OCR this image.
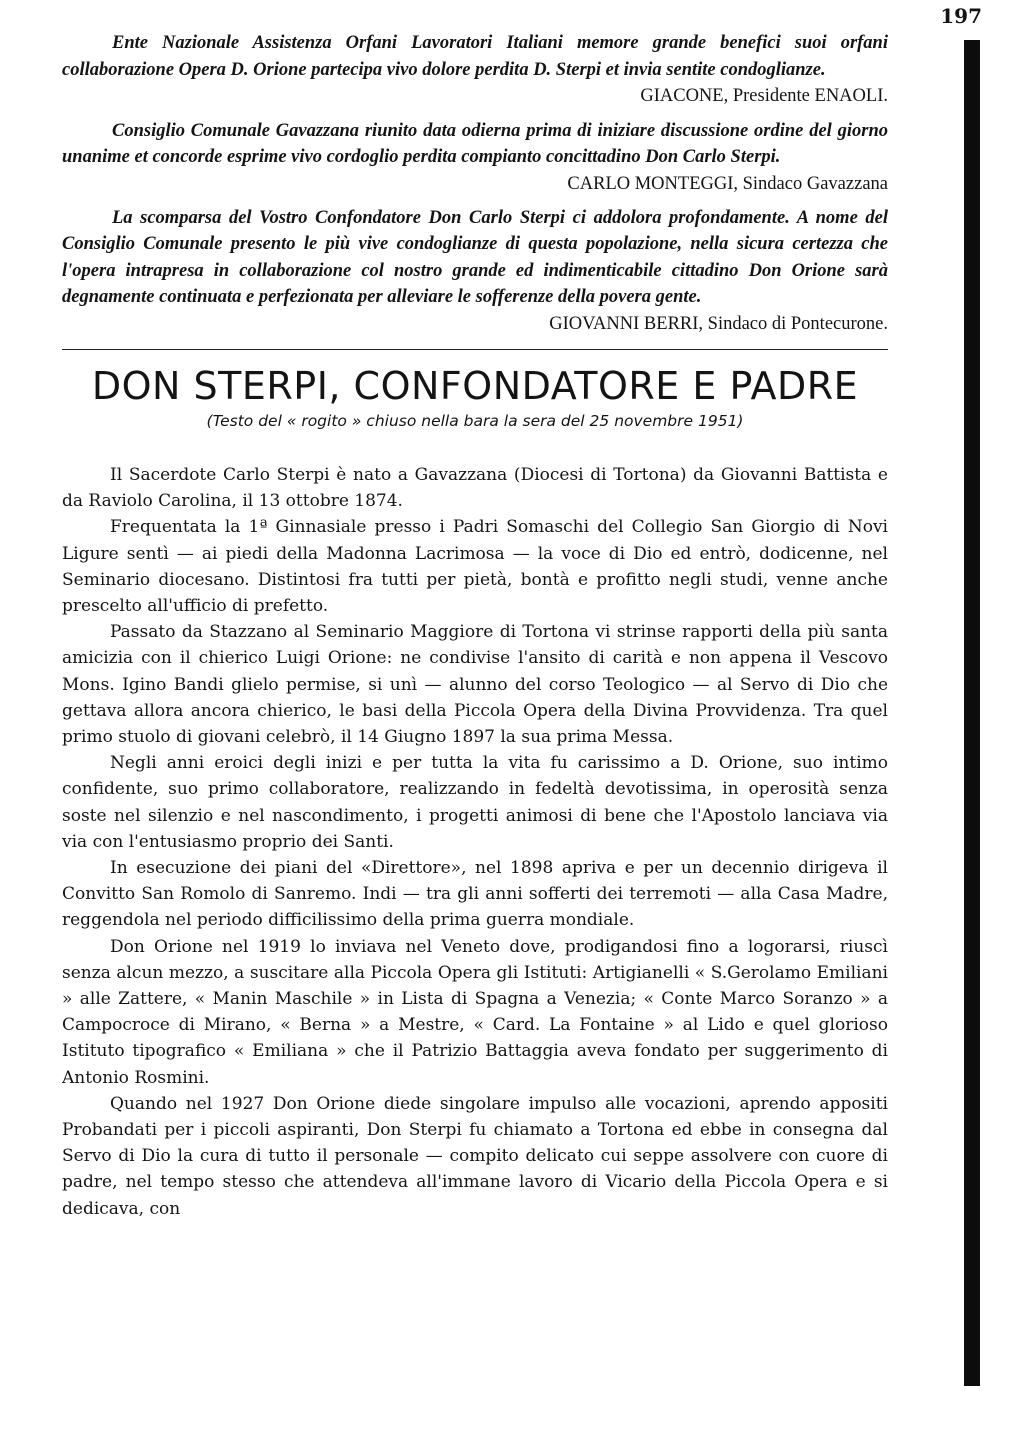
197

Ente Nazionale Assistenza Orfani Lavoratori Italiani memore grande benefici suoi orfani collaborazione Opera D. Orione partecipa vivo dolore perdita D. Sterpi et invia sentite condoglianze.
GIACONE, Presidente ENAOLI.

Consiglio Comunale Gavazzana riunito data odierna prima di iniziare discussione ordine del giorno unanime et concorde esprime vivo cordoglio perdita compianto concittadino Don Carlo Sterpi.

CARLO MONTEGGI, Sindaco Gavazzana

La scomparsa del Vostro Confondatore Don Carlo Sterpi ci addolora profondamente. A nome del Consiglio Comunale presento le più vive condoglianze di questa popolazione, nella sicura certezza che l'opera intrapresa in collaborazione col nostro grande ed indimenticabile cittadino Don Orione sarà degnamente continuata e perfezionata per alleviare le sofferenze della povera gente.
GIOVANNI BERRI, Sindaco di Pontecurone.

DON STERPI, CONFONDATORE E PADRE
(Testo del « rogito » chiuso nella bara la sera del 25 novembre 1951)

Il Sacerdote Carlo Sterpi è nato a Gavazzana (Diocesi di Tortona) da Giovanni Battista e da Raviolo Carolina, il 13 ottobre 1874.

Frequentata la 1ª Ginnasiale presso i Padri Somaschi del Collegio San Giorgio di Novi Ligure sentì — ai piedi della Madonna Lacrimosa — la voce di Dio ed entrò, dodicenne, nel Seminario diocesano. Distintosi fra tutti per pietà, bontà e profitto negli studi, venne anche prescelto all'ufficio di prefetto.

Passato da Stazzano al Seminario Maggiore di Tortona vi strinse rapporti della più santa amicizia con il chierico Luigi Orione: ne condivise l'ansito di carità e non appena il Vescovo Mons. Igino Bandi glielo permise, si unì — alunno del corso Teologico — al Servo di Dio che gettava allora ancora chierico, le basi della Piccola Opera della Divina Provvidenza. Tra quel primo stuolo di giovani celebrò, il 14 Giugno 1897 la sua prima Messa.

Negli anni eroici degli inizi e per tutta la vita fu carissimo a D. Orione, suo intimo confidente, suo primo collaboratore, realizzando in fedeltà devotissima, in operosità senza soste nel silenzio e nel nascondimento, i progetti animosi di bene che l'Apostolo lanciava via via con l'entusiasmo proprio dei Santi.

In esecuzione dei piani del «Direttore», nel 1898 apriva e per un decennio dirigeva il Convitto San Romolo di Sanremo. Indi — tra gli anni sofferti dei terremoti — alla Casa Madre, reggendola nel periodo difficilissimo della prima guerra mondiale.

Don Orione nel 1919 lo inviava nel Veneto dove, prodigandosi fino a logorarsi, riuscì senza alcun mezzo, a suscitare alla Piccola Opera gli Istituti: Artigianelli « S.Gerolamo Emiliani » alle Zattere, « Manin Maschile » in Lista di Spagna a Venezia; « Conte Marco Soranzo » a Campocroce di Mirano, « Berna » a Mestre, « Card. La Fontaine » al Lido e quel glorioso Istituto tipografico « Emiliana » che il Patrizio Battaggia aveva fondato per suggerimento di Antonio Rosmini.

Quando nel 1927 Don Orione diede singolare impulso alle vocazioni, aprendo appositi Probandati per i piccoli aspiranti, Don Sterpi fu chiamato a Tortona ed ebbe in consegna dal Servo di Dio la cura di tutto il personale — compito delicato cui seppe assolvere con cuore di padre, nel tempo stesso che attendeva all'immane lavoro di Vicario della Piccola Opera e si dedicava, con
